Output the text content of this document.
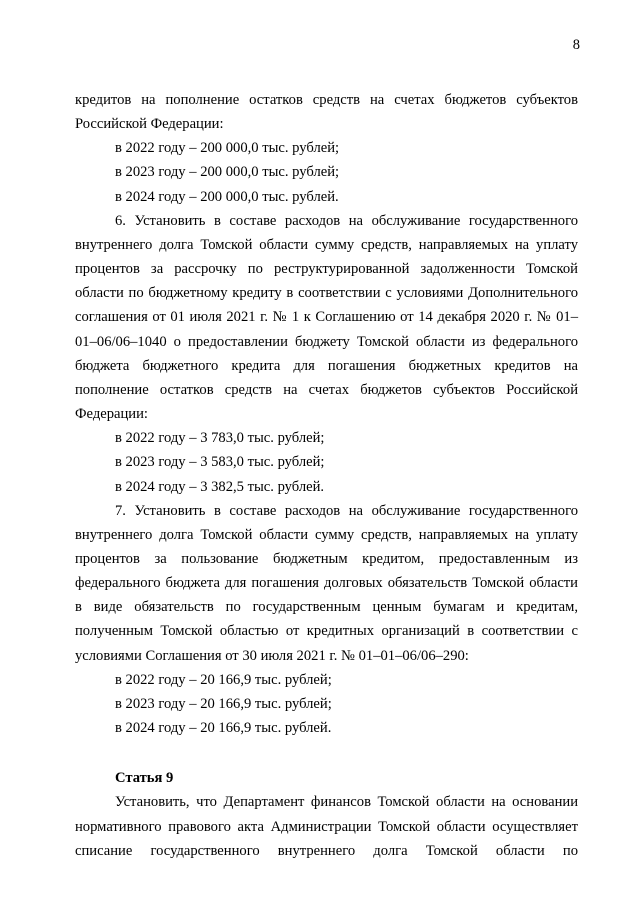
8

кредитов на пополнение остатков средств на счетах бюджетов субъектов Российской Федерации:

в 2022 году – 200 000,0 тыс. рублей;

в 2023 году – 200 000,0 тыс. рублей;

в 2024 году – 200 000,0 тыс. рублей.

6. Установить в составе расходов на обслуживание государственного внутреннего долга Томской области сумму средств, направляемых на уплату процентов за рассрочку по реструктурированной задолженности Томской области по бюджетному кредиту в соответствии с условиями Дополнительного соглашения от 01 июля 2021 г. № 1 к Соглашению от 14 декабря 2020 г. № 01–01–06/06–1040 о предоставлении бюджету Томской области из федерального бюджета бюджетного кредита для погашения бюджетных кредитов на пополнение остатков средств на счетах бюджетов субъектов Российской Федерации:

в 2022 году – 3 783,0 тыс. рублей;

в 2023 году – 3 583,0 тыс. рублей;

в 2024 году – 3 382,5 тыс. рублей.

7. Установить в составе расходов на обслуживание государственного внутреннего долга Томской области сумму средств, направляемых на уплату процентов за пользование бюджетным кредитом, предоставленным из федерального бюджета для погашения долговых обязательств Томской области в виде обязательств по государственным ценным бумагам и кредитам, полученным Томской областью от кредитных организаций в соответствии с условиями Соглашения от 30 июля 2021 г. № 01–01–06/06–290:

в 2022 году – 20 166,9 тыс. рублей;

в 2023 году – 20 166,9 тыс. рублей;

в 2024 году – 20 166,9 тыс. рублей.

Статья 9

Установить, что Департамент финансов Томской области на основании нормативного правового акта Администрации Томской области осуществляет списание государственного внутреннего долга Томской области по
